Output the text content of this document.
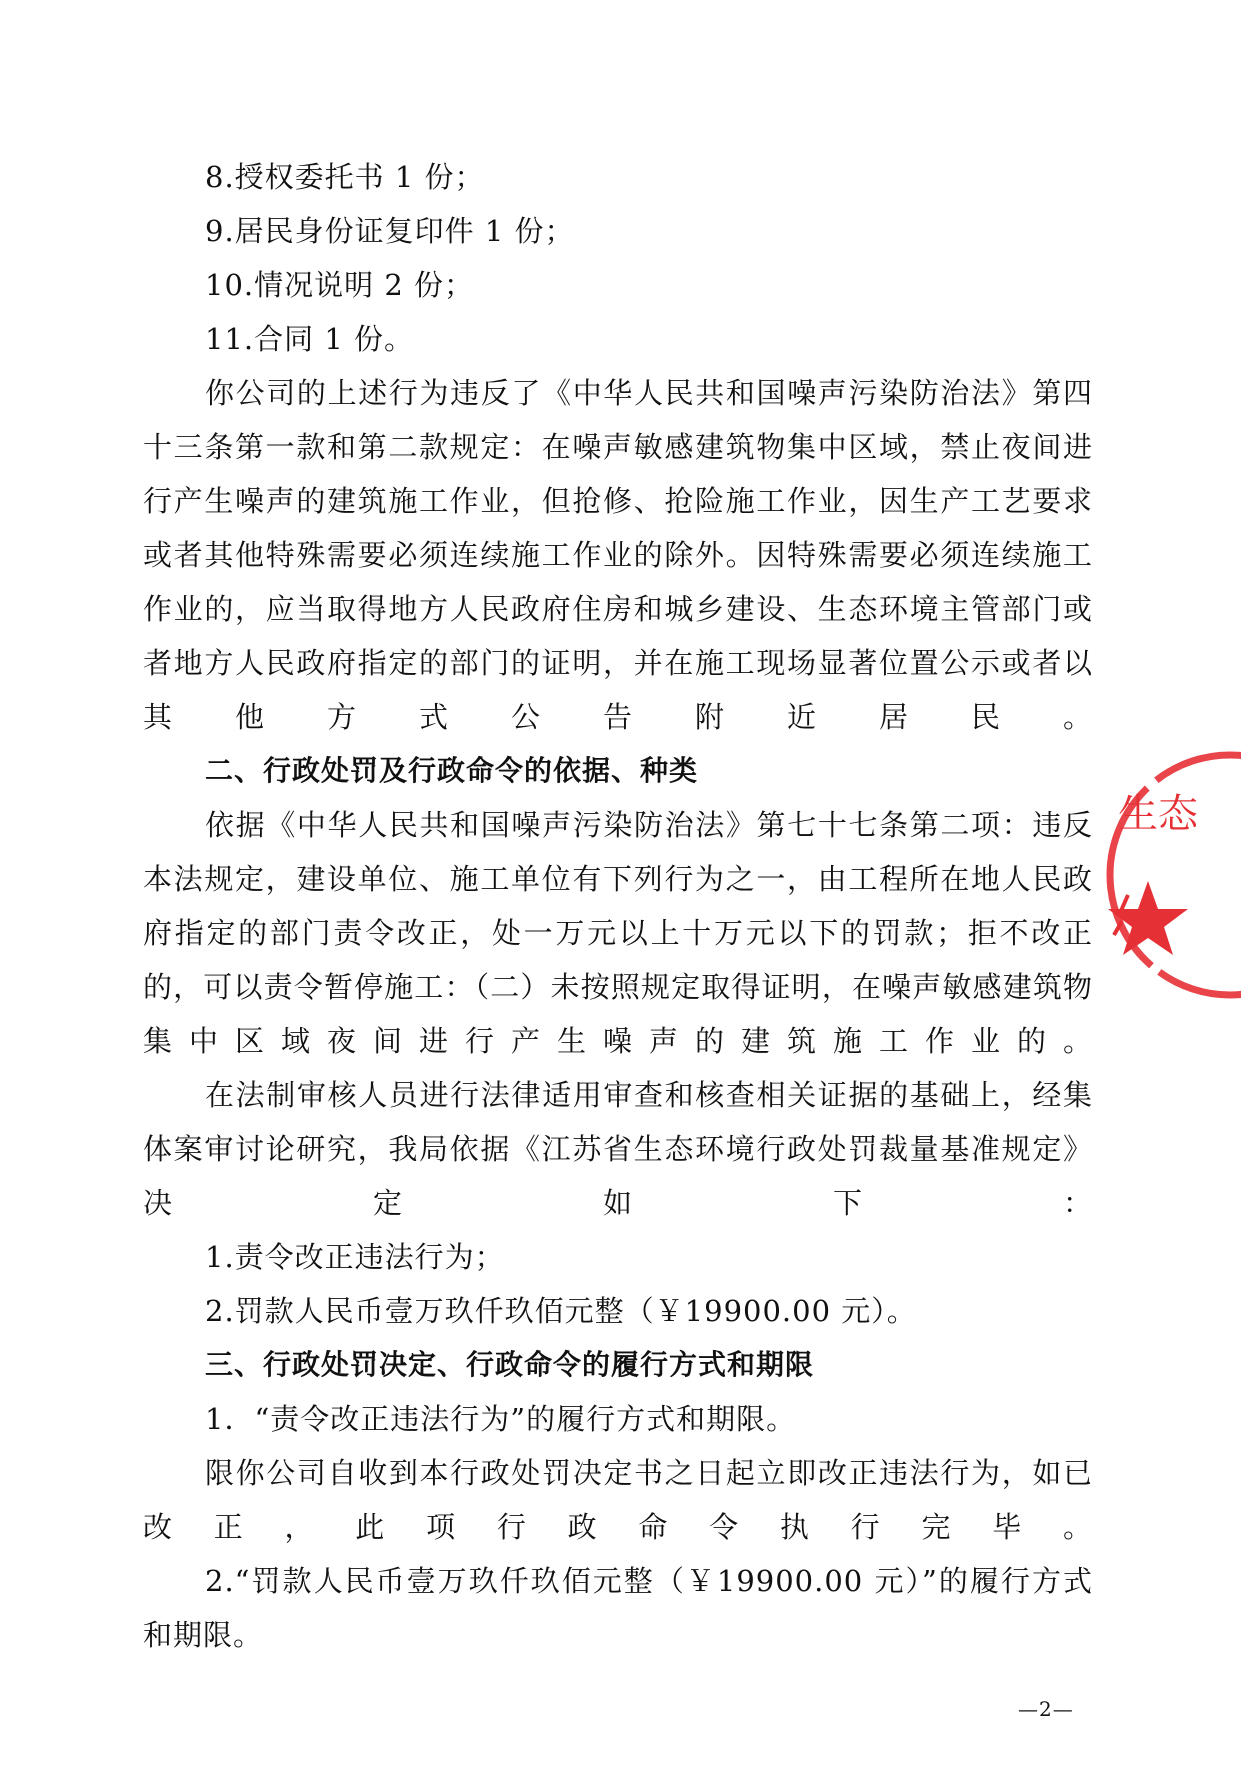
8.授权委托书 1 份；
9.居民身份证复印件 1 份；
10.情况说明 2 份；
11.合同 1 份。
你公司的上述行为违反了《中华人民共和国噪声污染防治法》第四十三条第一款和第二款规定：在噪声敏感建筑物集中区域，禁止夜间进行产生噪声的建筑施工作业，但抢修、抢险施工作业，因生产工艺要求或者其他特殊需要必须连续施工作业的除外。因特殊需要必须连续施工作业的，应当取得地方人民政府住房和城乡建设、生态环境主管部门或者地方人民政府指定的部门的证明，并在施工现场显著位置公示或者以其他方式公告附近居民。
二、行政处罚及行政命令的依据、种类
依据《中华人民共和国噪声污染防治法》第七十七条第二项：违反本法规定，建设单位、施工单位有下列行为之一，由工程所在地人民政府指定的部门责令改正，处一万元以上十万元以下的罚款；拒不改正的，可以责令暂停施工：（二）未按照规定取得证明，在噪声敏感建筑物集中区域夜间进行产生噪声的建筑施工作业的。
在法制审核人员进行法律适用审查和核查相关证据的基础上，经集体案审讨论研究，我局依据《江苏省生态环境行政处罚裁量基准规定》决定如下：
1.责令改正违法行为；
2.罚款人民币壹万玖仟玖佰元整（￥19900.00 元）。
三、行政处罚决定、行政命令的履行方式和期限
1．“责令改正违法行为”的履行方式和期限。
限你公司自收到本行政处罚决定书之日起立即改正违法行为，如已改正，此项行政命令执行完毕。
2.“罚款人民币壹万玖仟玖佰元整（￥19900.00 元）”的履行方式和期限。
生态
—2—
